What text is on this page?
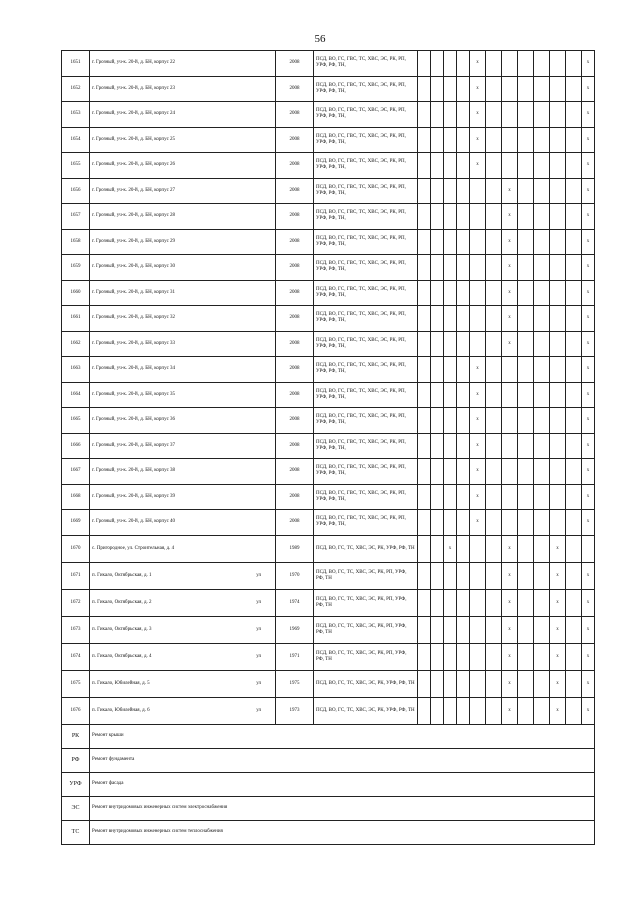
56
1651	г. Грозный, уч-к. 20-й, д. БН, корпус 22	2008	ПСД, ВО, ГС, ГВС, ТС, ХВС, ЭС, РК, РП, УРФ, РФ, ТН,					x							x
1652	г. Грозный, уч-к. 20-й, д. БН, корпус 23	2008	ПСД, ВО, ГС, ГВС, ТС, ХВС, ЭС, РК, РП, УРФ, РФ, ТН,					x							x
1653	г. Грозный, уч-к. 20-й, д. БН, корпус 24	2008	ПСД, ВО, ГС, ГВС, ТС, ХВС, ЭС, РК, РП, УРФ, РФ, ТН,					x							x
1654	г. Грозный, уч-к. 20-й, д. БН, корпус 25	2008	ПСД, ВО, ГС, ГВС, ТС, ХВС, ЭС, РК, РП, УРФ, РФ, ТН,					x							x
1655	г. Грозный, уч-к. 20-й, д. БН, корпус 26	2008	ПСД, ВО, ГС, ГВС, ТС, ХВС, ЭС, РК, РП, УРФ, РФ, ТН,					x							x
1656	г. Грозный, уч-к. 20-й, д. БН, корпус 27	2008	ПСД, ВО, ГС, ГВС, ТС, ХВС, ЭС, РК, РП, УРФ, РФ, ТН,							x					x
1657	г. Грозный, уч-к. 20-й, д. БН, корпус 28	2008	ПСД, ВО, ГС, ГВС, ТС, ХВС, ЭС, РК, РП, УРФ, РФ, ТН,							x					x
1658	г. Грозный, уч-к. 20-й, д. БН, корпус 29	2008	ПСД, ВО, ГС, ГВС, ТС, ХВС, ЭС, РК, РП, УРФ, РФ, ТН,							x					x
1659	г. Грозный, уч-к. 20-й, д. БН, корпус 30	2008	ПСД, ВО, ГС, ГВС, ТС, ХВС, ЭС, РК, РП, УРФ, РФ, ТН,							x					x
1660	г. Грозный, уч-к. 20-й, д. БН, корпус 31	2008	ПСД, ВО, ГС, ГВС, ТС, ХВС, ЭС, РК, РП, УРФ, РФ, ТН,							x					x
1661	г. Грозный, уч-к. 20-й, д. БН, корпус 32	2008	ПСД, ВО, ГС, ГВС, ТС, ХВС, ЭС, РК, РП, УРФ, РФ, ТН,							x					x
1662	г. Грозный, уч-к. 20-й, д. БН, корпус 33	2008	ПСД, ВО, ГС, ГВС, ТС, ХВС, ЭС, РК, РП, УРФ, РФ, ТН,							x					x
1663	г. Грозный, уч-к. 20-й, д. БН, корпус 34	2008	ПСД, ВО, ГС, ГВС, ТС, ХВС, ЭС, РК, РП, УРФ, РФ, ТН,					x							x
1664	г. Грозный, уч-к. 20-й, д. БН, корпус 35	2008	ПСД, ВО, ГС, ГВС, ТС, ХВС, ЭС, РК, РП, УРФ, РФ, ТН,					x							x
1665	г. Грозный, уч-к. 20-й, д. БН, корпус 36	2008	ПСД, ВО, ГС, ГВС, ТС, ХВС, ЭС, РК, РП, УРФ, РФ, ТН,					x							x
1666	г. Грозный, уч-к. 20-й, д. БН, корпус 37	2008	ПСД, ВО, ГС, ГВС, ТС, ХВС, ЭС, РК, РП, УРФ, РФ, ТН,					x							x
1667	г. Грозный, уч-к. 20-й, д. БН, корпус 38	2008	ПСД, ВО, ГС, ГВС, ТС, ХВС, ЭС, РК, РП, УРФ, РФ, ТН,					x							x
1668	г. Грозный, уч-к. 20-й, д. БН, корпус 39	2008	ПСД, ВО, ГС, ГВС, ТС, ХВС, ЭС, РК, РП, УРФ, РФ, ТН,					x							x
1669	г. Грозный, уч-к. 20-й, д. БН, корпус 40	2008	ПСД, ВО, ГС, ГВС, ТС, ХВС, ЭС, РК, РП, УРФ, РФ, ТН,					x							x
1670	с. Пригородное, ул. Строительная, д. 4	1989	ПСД, ВО, ГС, ТС, ХВС, ЭС, РК, УРФ, РФ, ТН			x				x			x		
1671	п. Гикало, Октябрьская, д. 1 ул	1970	ПСД, ВО, ГС, ТС, ХВС, ЭС, РК, РП, УРФ, РФ, ТН							x			x		x
1672	п. Гикало, Октябрьская, д. 2 ул	1974	ПСД, ВО, ГС, ТС, ХВС, ЭС, РК, РП, УРФ, РФ, ТН							x			x		x
1673	п. Гикало, Октябрьская, д. 3 ул	1969	ПСД, ВО, ГС, ТС, ХВС, ЭС, РК, РП, УРФ, РФ, ТН							x			x		x
1674	п. Гикало, Октябрьская, д. 4 ул	1971	ПСД, ВО, ГС, ТС, ХВС, ЭС, РК, РП, УРФ, РФ, ТН							x			x		x
1675	п. Гикало, Юбилейная, д. 5 ул	1975	ПСД, ВО, ГС, ТС, ХВС, ЭС, РК, УРФ, РФ, ТН							x			x		x
1676	п. Гикало, Юбилейная, д. 6 ул	1973	ПСД, ВО, ГС, ТС, ХВС, ЭС, РК, УРФ, РФ, ТН							x			x		x
РК	Ремонт крыши														
РФ	Ремонт фундамента														
УРФ	Ремонт фасада														
ЭС	Ремонт внутридомовых инженерных систем электроснабжения														
ТС	Ремонт внутридомовых инженерных систем теплоснабжения														
